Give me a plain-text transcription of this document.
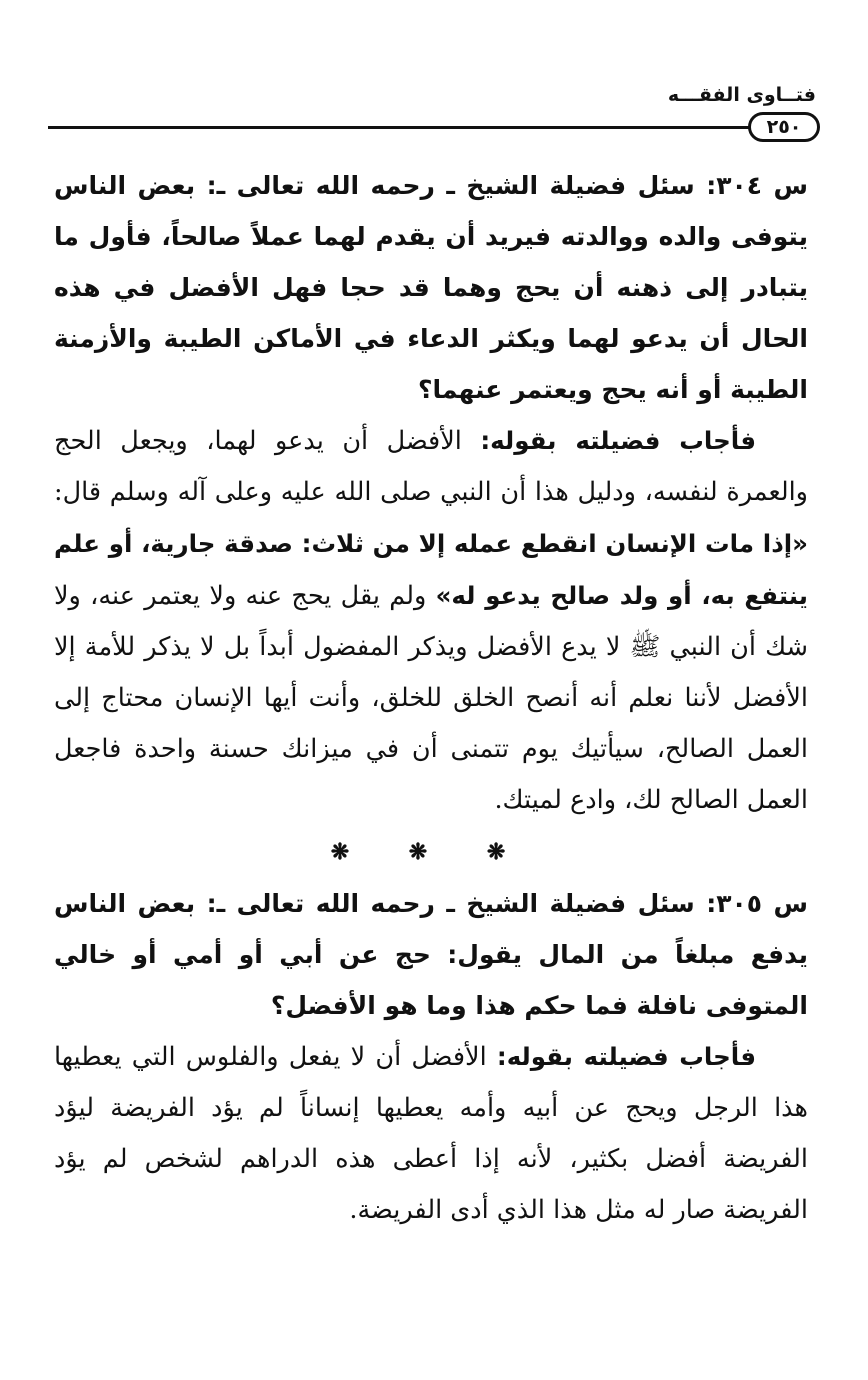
فتــاوى الفقـــه
٢٥٠

س ٣٠٤: سئل فضيلة الشيخ ـ رحمه الله تعالى ـ: بعض الناس يتوفى والده ووالدته فيريد أن يقدم لهما عملاً صالحاً، فأول ما يتبادر إلى ذهنه أن يحج وهما قد حجا فهل الأفضل في هذه الحال أن يدعو لهما ويكثر الدعاء في الأماكن الطيبة والأزمنة الطيبة أو أنه يحج ويعتمر عنهما؟

فأجاب فضيلته بقوله: الأفضل أن يدعو لهما، ويجعل الحج والعمرة لنفسه، ودليل هذا أن النبي صلى الله عليه وعلى آله وسلم قال: «إذا مات الإنسان انقطع عمله إلا من ثلاث: صدقة جارية، أو علم ينتفع به، أو ولد صالح يدعو له» ولم يقل يحج عنه ولا يعتمر عنه، ولا شك أن النبي ﷺ لا يدع الأفضل ويذكر المفضول أبداً بل لا يذكر للأمة إلا الأفضل لأننا نعلم أنه أنصح الخلق للخلق، وأنت أيها الإنسان محتاج إلى العمل الصالح، سيأتيك يوم تتمنى أن في ميزانك حسنة واحدة فاجعل العمل الصالح لك، وادع لميتك.

❋ ❋ ❋

س ٣٠٥: سئل فضيلة الشيخ ـ رحمه الله تعالى ـ: بعض الناس يدفع مبلغاً من المال يقول: حج عن أبي أو أمي أو خالي المتوفى نافلة فما حكم هذا وما هو الأفضل؟

فأجاب فضيلته بقوله: الأفضل أن لا يفعل والفلوس التي يعطيها هذا الرجل ويحج عن أبيه وأمه يعطيها إنساناً لم يؤد الفريضة ليؤد الفريضة أفضل بكثير، لأنه إذا أعطى هذه الدراهم لشخص لم يؤد الفريضة صار له مثل هذا الذي أدى الفريضة.
